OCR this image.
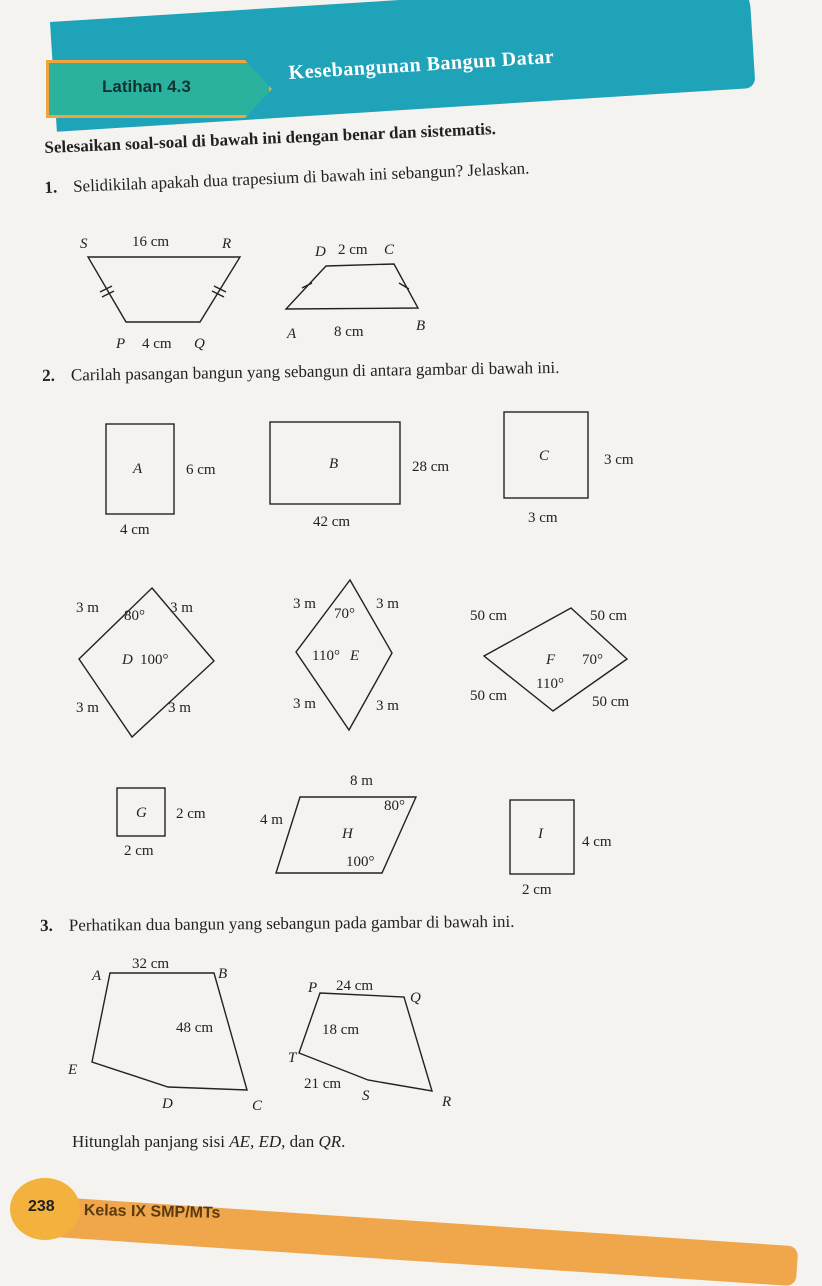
Latihan 4.3
Kesebangunan Bangun Datar
Selesaikan soal-soal di bawah ini dengan benar dan sistematis.
1. Selidikilah apakah dua trapesium di bawah ini sebangun? Jelaskan.
2. Carilah pasangan bangun yang sebangun di antara gambar di bawah ini.
3. Perhatikan dua bangun yang sebangun pada gambar di bawah ini.
Hitunglah panjang sisi AE, ED, dan QR.
S	16 cm	R
P 4 cm Q
D 2 cm C
A	8 cm	B
A	6 cm
4 cm
B	28 cm
42 cm
C	3 cm
3 cm
3 m	3 m
80°
D 100°
3 m	3 m
3 m	3 m
70°
110° E
3 m	3 m
50 cm	50 cm
F 70°
110°
50 cm	50 cm
G 2 cm
2 cm
8 m
80°
4 m
H
100°
I	4 cm
2 cm
A
32 cm
B
48 cm
E
D	C
P 24 cm
Q
18 cm
T
21 cm
S	R
238 Kelas IX SMP/MTs
